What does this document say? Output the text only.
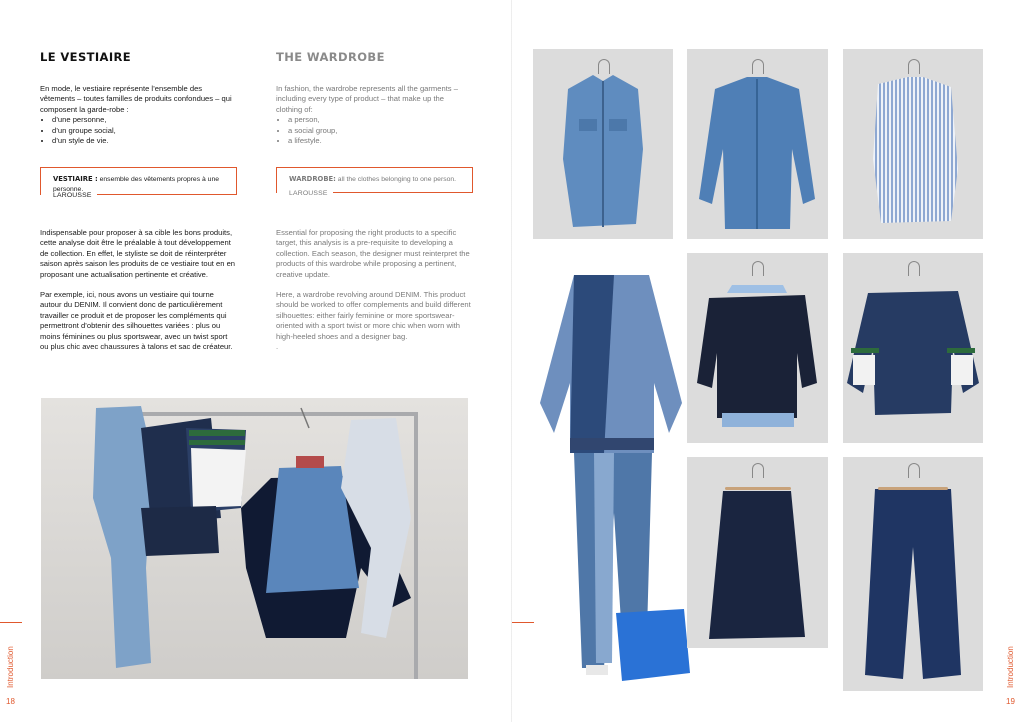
LE VESTIAIRE

En mode, le vestiaire représente l’ensemble des vêtements – toutes familles de produits confondues – qui composent la garde-robe :

• d’une personne,
• d’un groupe social,
• d’un style de vie.
VESTIAIRE : ensemble des vêtements propres à une personne.
LAROUSSE

Indispensable pour proposer à sa cible les bons produits, cette analyse doit être le préalable à tout développement de collection. En effet, le styliste se doit de réinterpréter saison après saison les produits de ce vestiaire tout en en proposant une actualisation pertinente et créative.

Par exemple, ici, nous avons un vestiaire qui tourne autour du DENIM. Il convient donc de particulièrement travailler ce produit et de proposer les compléments qui permettront d’obtenir des silhouettes variées : plus ou moins féminines ou plus sportswear, avec un twist sport ou plus chic avec chaussures à talons et sac de créateur.

THE WARDROBE

In fashion, the wardrobe represents all the garments – including every type of product – that make up the clothing of:

• a person,
• a social group,
• a lifestyle.
WARDROBE: all the clothes belonging to one person.
LAROUSSE

Essential for proposing the right products to a specific target, this analysis is a pre-requisite to developing a collection. Each season, the designer must reinterpret the products of this wardrobe while proposing a pertinent, creative update.

Here, a wardrobe revolving around DENIM. This product should be worked to offer complements and build different silhouettes: either fairly feminine or more sportswear-oriented with a sport twist or more chic when worn with high-heeled shoes and a designer bag.

.

Introduction
18
Introduction
19
